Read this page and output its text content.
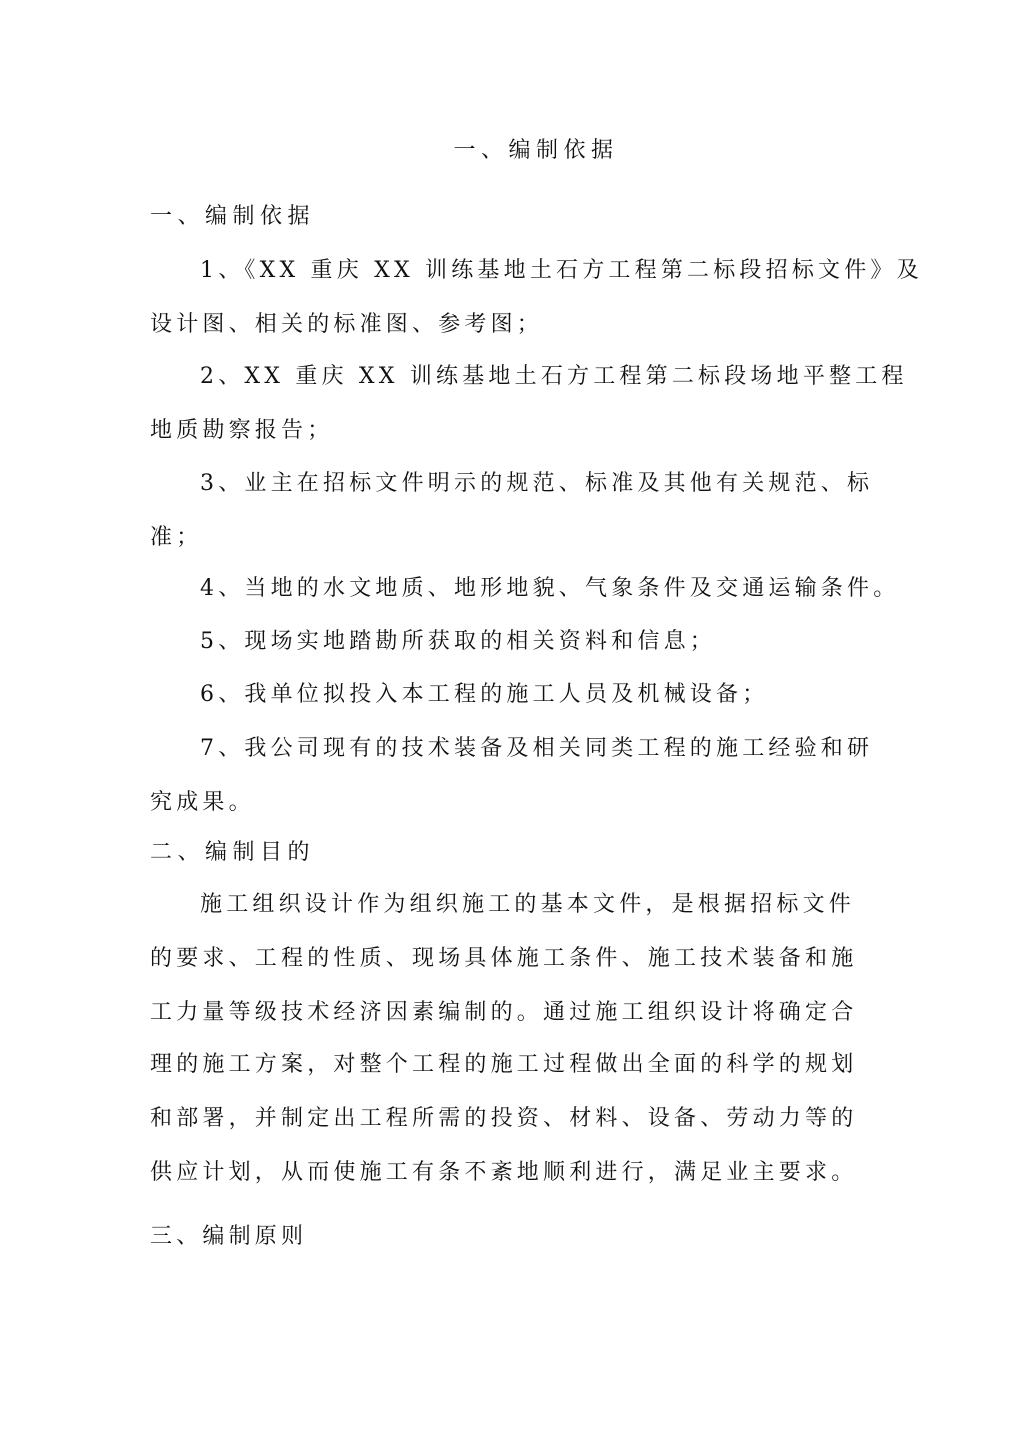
一、编制依据
一、编制依据
1、《XX 重庆 XX 训练基地土石方工程第二标段招标文件》及
设计图、相关的标准图、参考图；
2、XX 重庆 XX 训练基地土石方工程第二标段场地平整工程
地质勘察报告；
3、业主在招标文件明示的规范、标准及其他有关规范、标
准；
4、当地的水文地质、地形地貌、气象条件及交通运输条件。
5、现场实地踏勘所获取的相关资料和信息；
6、我单位拟投入本工程的施工人员及机械设备；
7、我公司现有的技术装备及相关同类工程的施工经验和研
究成果。
二、编制目的
施工组织设计作为组织施工的基本文件，是根据招标文件
的要求、工程的性质、现场具体施工条件、施工技术装备和施
工力量等级技术经济因素编制的。通过施工组织设计将确定合
理的施工方案，对整个工程的施工过程做出全面的科学的规划
和部署，并制定出工程所需的投资、材料、设备、劳动力等的
供应计划，从而使施工有条不紊地顺利进行，满足业主要求。
三、编制原则
